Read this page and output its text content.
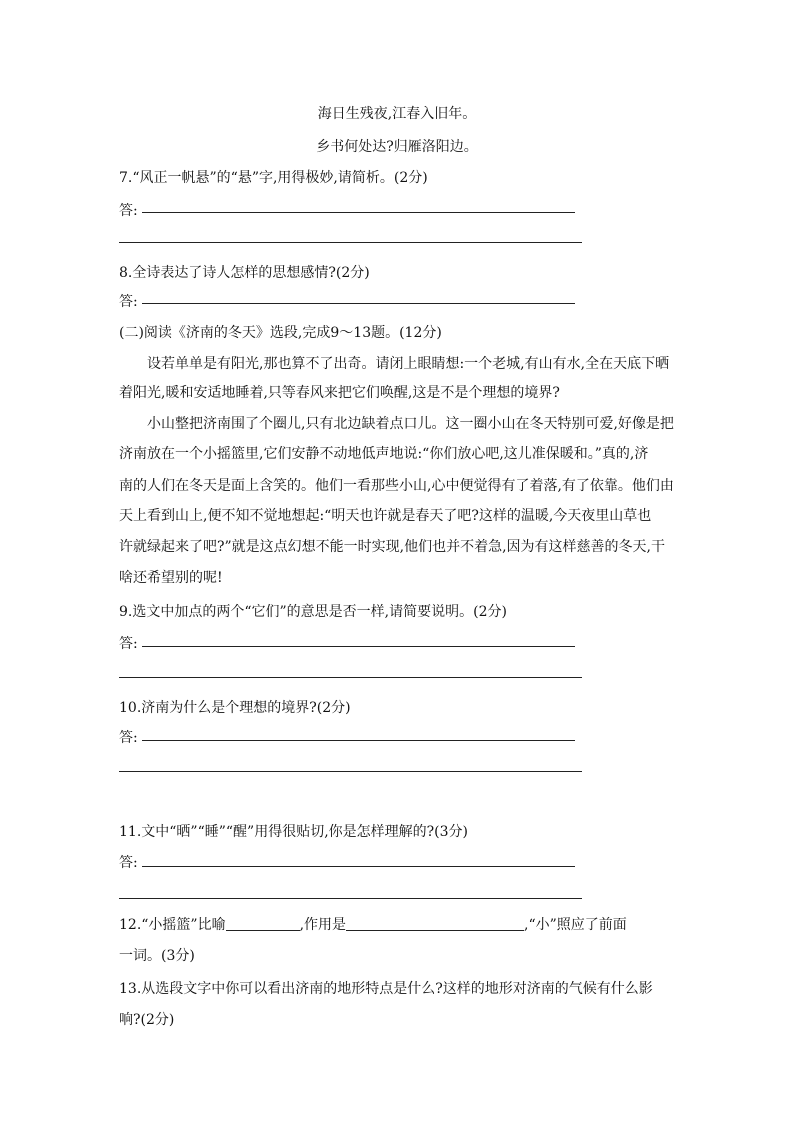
海日生残夜,江春入旧年。
乡书何处达?归雁洛阳边。
7.“风正一帆悬”的“悬”字,用得极妙,请简析。(2分)
答:
8.全诗表达了诗人怎样的思想感情?(2分)
答:
(二)阅读《济南的冬天》选段,完成9～13题。(12分)
设若单单是有阳光,那也算不了出奇。请闭上眼睛想:一个老城,有山有水,全在天底下晒
着阳光,暖和安适地睡着,只等春风来把它们唤醒,这是不是个理想的境界?
小山整把济南围了个圈儿,只有北边缺着点口儿。这一圈小山在冬天特别可爱,好像是把
济南放在一个小摇篮里,它们安静不动地低声地说:“你们放心吧,这儿准保暖和。”真的,济
南的人们在冬天是面上含笑的。他们一看那些小山,心中便觉得有了着落,有了依靠。他们由
天上看到山上,便不知不觉地想起:“明天也许就是春天了吧?这样的温暖,今天夜里山草也
许就绿起来了吧?”就是这点幻想不能一时实现,他们也并不着急,因为有这样慈善的冬天,干
啥还希望别的呢!
9.选文中加点的两个“它们”的意思是否一样,请简要说明。(2分)
答:
10.济南为什么是个理想的境界?(2分)
答:
11.文中“晒”“睡”“醒”用得很贴切,你是怎样理解的?(3分)
答:
12.“小摇篮”比喻	,作用是	,“小”照应了前面
一词。(3分)
13.从选段文字中你可以看出济南的地形特点是什么?这样的地形对济南的气候有什么影
响?(2分)
